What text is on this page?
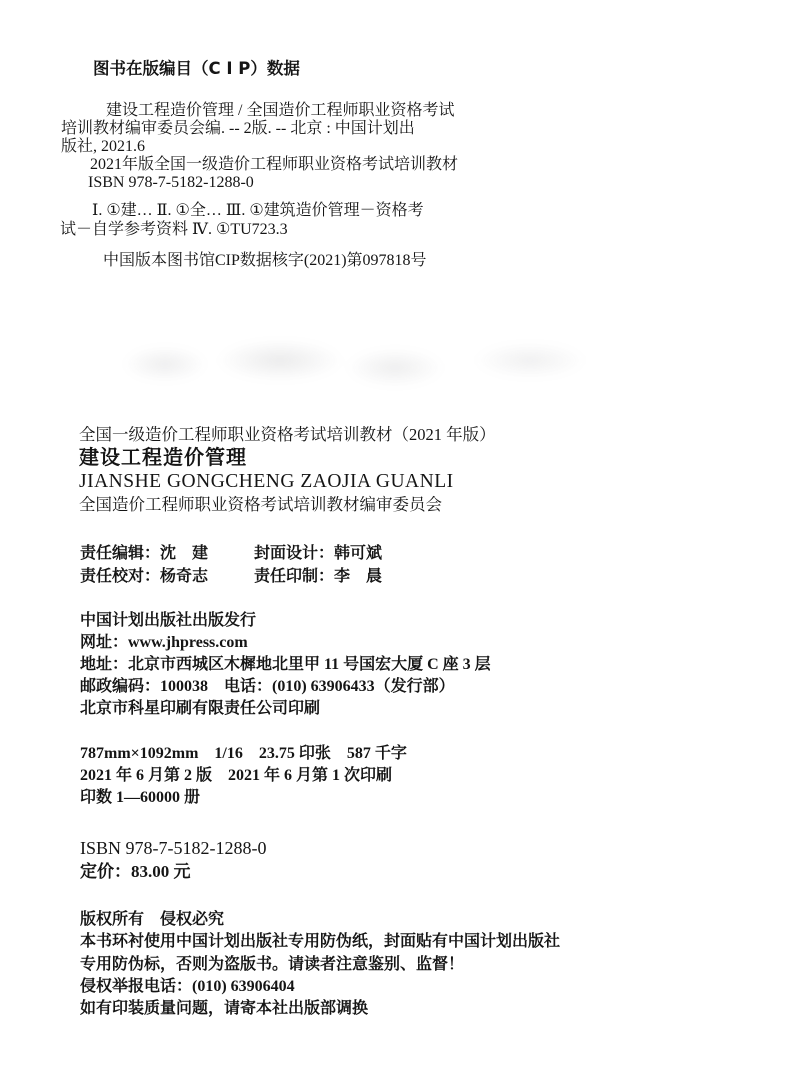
图书在版编目（C I P）数据
建设工程造价管理 / 全国造价工程师职业资格考试
培训教材编审委员会编. -- 2版. -- 北京 : 中国计划出
版社, 2021.6
2021年版全国一级造价工程师职业资格考试培训教材
ISBN 978-7-5182-1288-0
Ⅰ. ①建… Ⅱ. ①全… Ⅲ. ①建筑造价管理－资格考
试－自学参考资料 Ⅳ. ①TU723.3
中国版本图书馆CIP数据核字(2021)第097818号
全国一级造价工程师职业资格考试培训教材（2021 年版）
建设工程造价管理
JIANSHE GONGCHENG ZAOJIA GUANLI
全国造价工程师职业资格考试培训教材编审委员会
责任编辑：沈　建	封面设计：韩可斌
责任校对：杨奇志	责任印制：李　晨
中国计划出版社出版发行
网址：www.jhpress.com
地址：北京市西城区木樨地北里甲 11 号国宏大厦 C 座 3 层
邮政编码：100038　电话：(010) 63906433（发行部）
北京市科星印刷有限责任公司印刷
787mm×1092mm　1/16　23.75 印张　587 千字
2021 年 6 月第 2 版　2021 年 6 月第 1 次印刷
印数 1—60000 册
ISBN 978-7-5182-1288-0
定价：83.00 元
版权所有　侵权必究
本书环衬使用中国计划出版社专用防伪纸，封面贴有中国计划出版社
专用防伪标，否则为盗版书。请读者注意鉴别、监督！
侵权举报电话：(010) 63906404
如有印装质量问题，请寄本社出版部调换
